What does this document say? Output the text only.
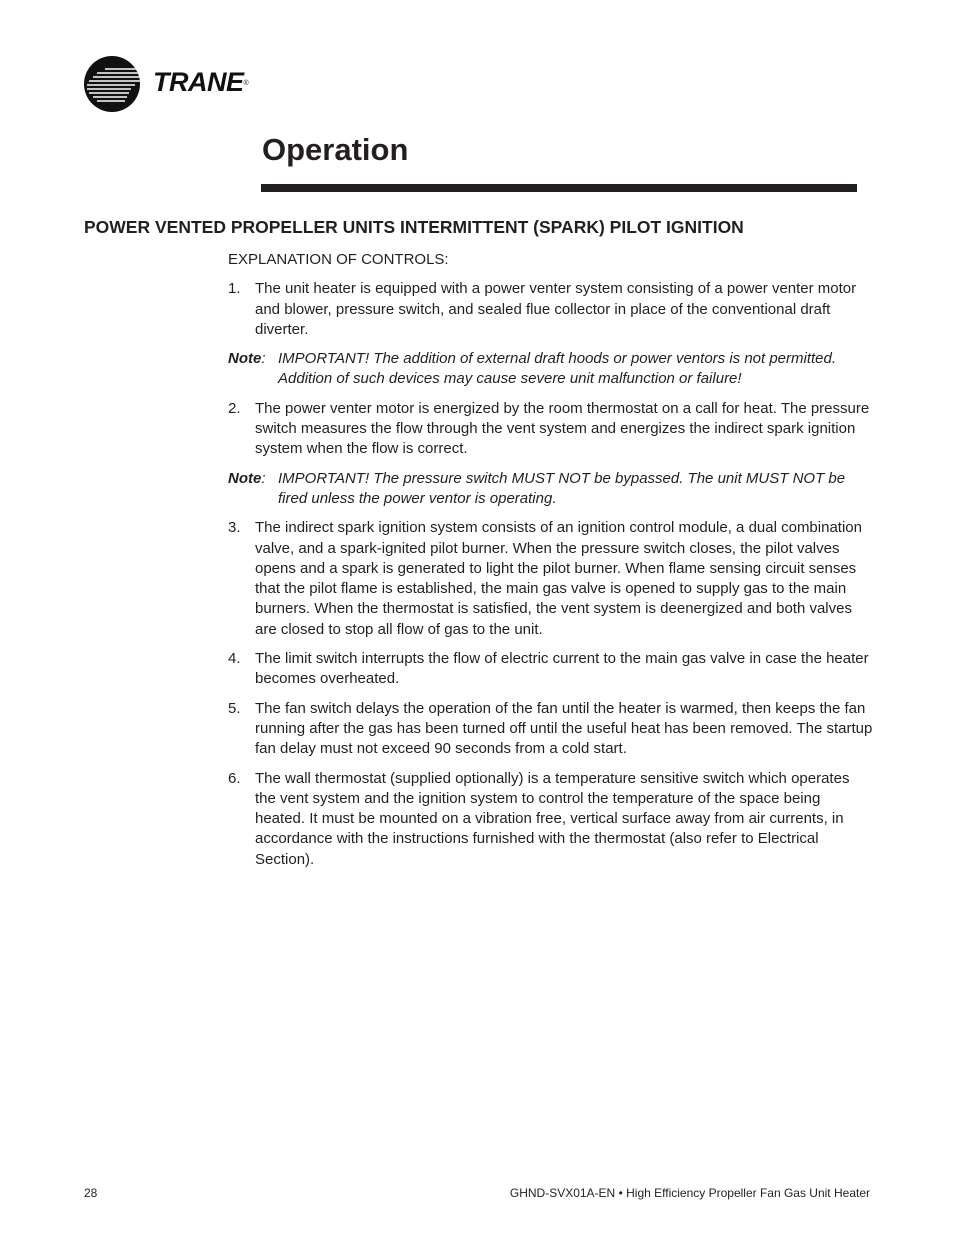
TRANE®
Operation
POWER VENTED PROPELLER UNITS INTERMITTENT (SPARK) PILOT IGNITION

EXPLANATION OF CONTROLS:

1. The unit heater is equipped with a power venter system consisting of a power venter motor and blower, pressure switch, and sealed flue collector in place of the conventional draft diverter.
Note: IMPORTANT! The addition of external draft hoods or power ventors is not permitted. Addition of such devices may cause severe unit malfunction or failure!
2. The power venter motor is energized by the room thermostat on a call for heat. The pressure switch measures the flow through the vent system and energizes the indirect spark ignition system when the flow is correct.
Note: IMPORTANT! The pressure switch MUST NOT be bypassed. The unit MUST NOT be fired unless the power ventor is operating.
3. The indirect spark ignition system consists of an ignition control module, a dual combination valve, and a spark-ignited pilot burner. When the pressure switch closes, the pilot valves opens and a spark is generated to light the pilot burner. When flame sensing circuit senses that the pilot flame is established, the main gas valve is opened to supply gas to the main burners. When the thermostat is satisfied, the vent system is deenergized and both valves are closed to stop all flow of gas to the unit.
4. The limit switch interrupts the flow of electric current to the main gas valve in case the heater becomes overheated.
5. The fan switch delays the operation of the fan until the heater is warmed, then keeps the fan running after the gas has been turned off until the useful heat has been removed. The startup fan delay must not exceed 90 seconds from a cold start.
6. The wall thermostat (supplied optionally) is a temperature sensitive switch which operates the vent system and the ignition system to control the temperature of the space being heated. It must be mounted on a vibration free, vertical surface away from air currents, in accordance with the instructions furnished with the thermostat (also refer to Electrical Section).
28	GHND-SVX01A-EN • High Efficiency Propeller Fan Gas Unit Heater
